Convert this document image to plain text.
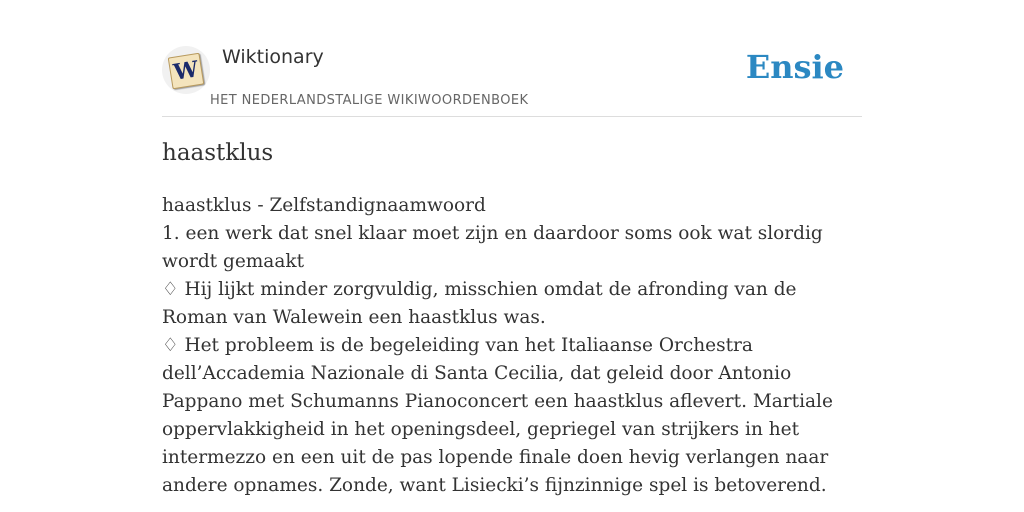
W Wiktionary
HET NEDERLANDSTALIGE WIKIWOORDENBOEK
Ensie
haastklus

haastklus - Zelfstandignaamwoord

1. een werk dat snel klaar moet zijn en daardoor soms ook wat slordig wordt gemaakt

♢ Hij lijkt minder zorgvuldig, misschien omdat de afronding van de Roman van Walewein een haastklus was.

♢ Het probleem is de begeleiding van het Italiaanse Orchestra dell’Accademia Nazionale di Santa Cecilia, dat geleid door Antonio Pappano met Schumanns Pianoconcert een haastklus aflevert. Martiale oppervlakkigheid in het openingsdeel, gepriegel van strijkers in het intermezzo en een uit de pas lopende finale doen hevig verlangen naar andere opnames. Zonde, want Lisiecki’s fijnzinnige spel is betoverend.
